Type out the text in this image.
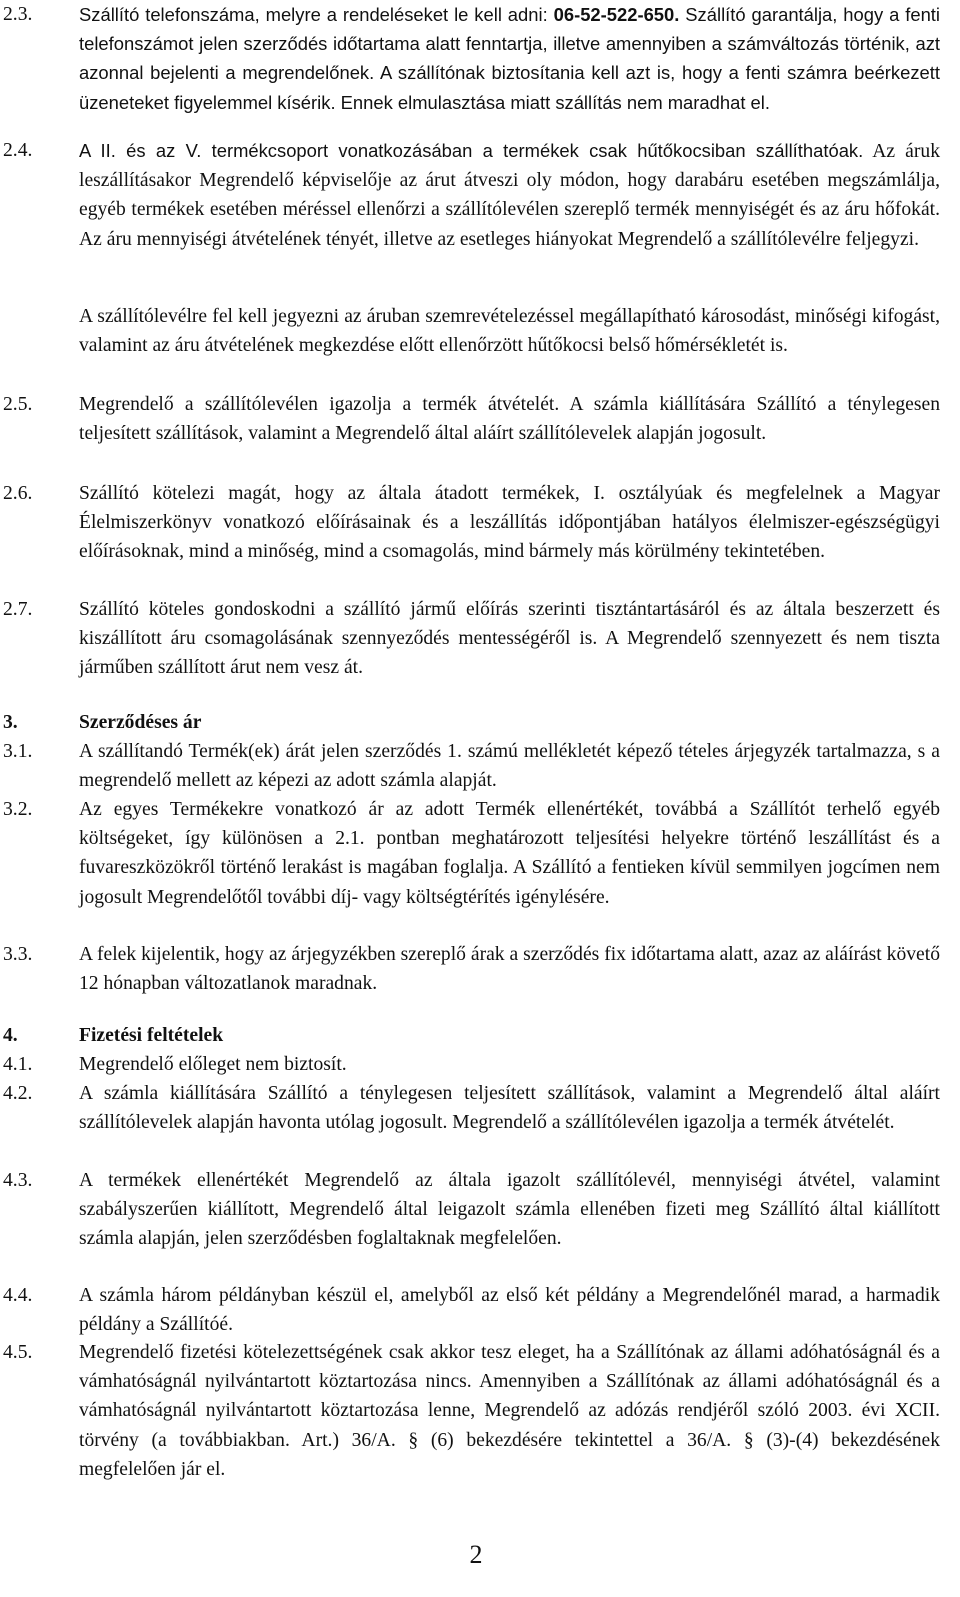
2.3.	Szállító telefonszáma, melyre a rendeléseket le kell adni: 06-52-522-650. Szállító garantálja, hogy a fenti telefonszámot jelen szerződés időtartama alatt fenntartja, illetve amennyiben a számváltozás történik, azt azonnal bejelenti a megrendelőnek. A szállítónak biztosítania kell azt is, hogy a fenti számra beérkezett üzeneteket figyelemmel kísérik. Ennek elmulasztása miatt szállítás nem maradhat el.

2.4.	A II. és az V. termékcsoport vonatkozásában a termékek csak hűtőkocsiban szállíthatóak. Az áruk leszállításakor Megrendelő képviselője az árut átveszi oly módon, hogy darabáru esetében megszámlálja, egyéb termékek esetében méréssel ellenőrzi a szállítólevélen szereplő termék mennyiségét és az áru hőfokát. Az áru mennyiségi átvételének tényét, illetve az esetleges hiányokat Megrendelő a szállítólevélre feljegyzi.

A szállítólevélre fel kell jegyezni az áruban szemrevételezéssel megállapítható károsodást, minőségi kifogást, valamint az áru átvételének megkezdése előtt ellenőrzött hűtőkocsi belső hőmérsékletét is.

2.5. Megrendelő a szállítólevélen igazolja a termék átvételét. A számla kiállítására Szállító a ténylegesen teljesített szállítások, valamint a Megrendelő által aláírt szállítólevelek alapján jogosult.

2.6. Szállító kötelezi magát, hogy az általa átadott termékek, I. osztályúak és megfelelnek a Magyar Élelmiszerkönyv vonatkozó előírásainak és a leszállítás időpontjában hatályos élelmiszer-egészségügyi előírásoknak, mind a minőség, mind a csomagolás, mind bármely más körülmény tekintetében.

2.7. Szállító köteles gondoskodni a szállító jármű előírás szerinti tisztántartásáról és az általa beszerzett és kiszállított áru csomagolásának szennyeződés mentességéről is. A Megrendelő szennyezett és nem tiszta járműben szállított árut nem vesz át.

3.	Szerződéses ár

3.1. A szállítandó Termék(ek) árát jelen szerződés 1. számú mellékletét képező tételes árjegyzék tartalmazza, s a megrendelő mellett az képezi az adott számla alapját.

3.2. Az egyes Termékekre vonatkozó ár az adott Termék ellenértékét, továbbá a Szállítót terhelő egyéb költségeket, így különösen a 2.1. pontban meghatározott teljesítési helyekre történő leszállítást és a fuvareszközökről történő lerakást is magában foglalja. A Szállító a fentieken kívül semmilyen jogcímen nem jogosult Megrendelőtől további díj- vagy költségtérítés igénylésére.

3.3. A felek kijelentik, hogy az árjegyzékben szereplő árak a szerződés fix időtartama alatt, azaz az aláírást követő 12 hónapban változatlanok maradnak.

4.	Fizetési feltételek

4.1. Megrendelő előleget nem biztosít.

4.2. A számla kiállítására Szállító a ténylegesen teljesített szállítások, valamint a Megrendelő által aláírt szállítólevelek alapján havonta utólag jogosult. Megrendelő a szállítólevélen igazolja a termék átvételét.

4.3. A termékek ellenértékét Megrendelő az általa igazolt szállítólevél, mennyiségi átvétel, valamint szabályszerűen kiállított, Megrendelő által leigazolt számla ellenében fizeti meg Szállító által kiállított számla alapján, jelen szerződésben foglaltaknak megfelelően.

4.4. A számla három példányban készül el, amelyből az első két példány a Megrendelőnél marad, a harmadik példány a Szállítóé.

4.5. Megrendelő fizetési kötelezettségének csak akkor tesz eleget, ha a Szállítónak az állami adóhatóságnál és a vámhatóságnál nyilvántartott köztartozása nincs. Amennyiben a Szállítónak az állami adóhatóságnál és a vámhatóságnál nyilvántartott köztartozása lenne, Megrendelő az adózás rendjéről szóló 2003. évi XCII. törvény (a továbbiakban. Art.) 36/A. § (6) bekezdésére tekintettel a 36/A. § (3)-(4) bekezdésének megfelelően jár el.

2
